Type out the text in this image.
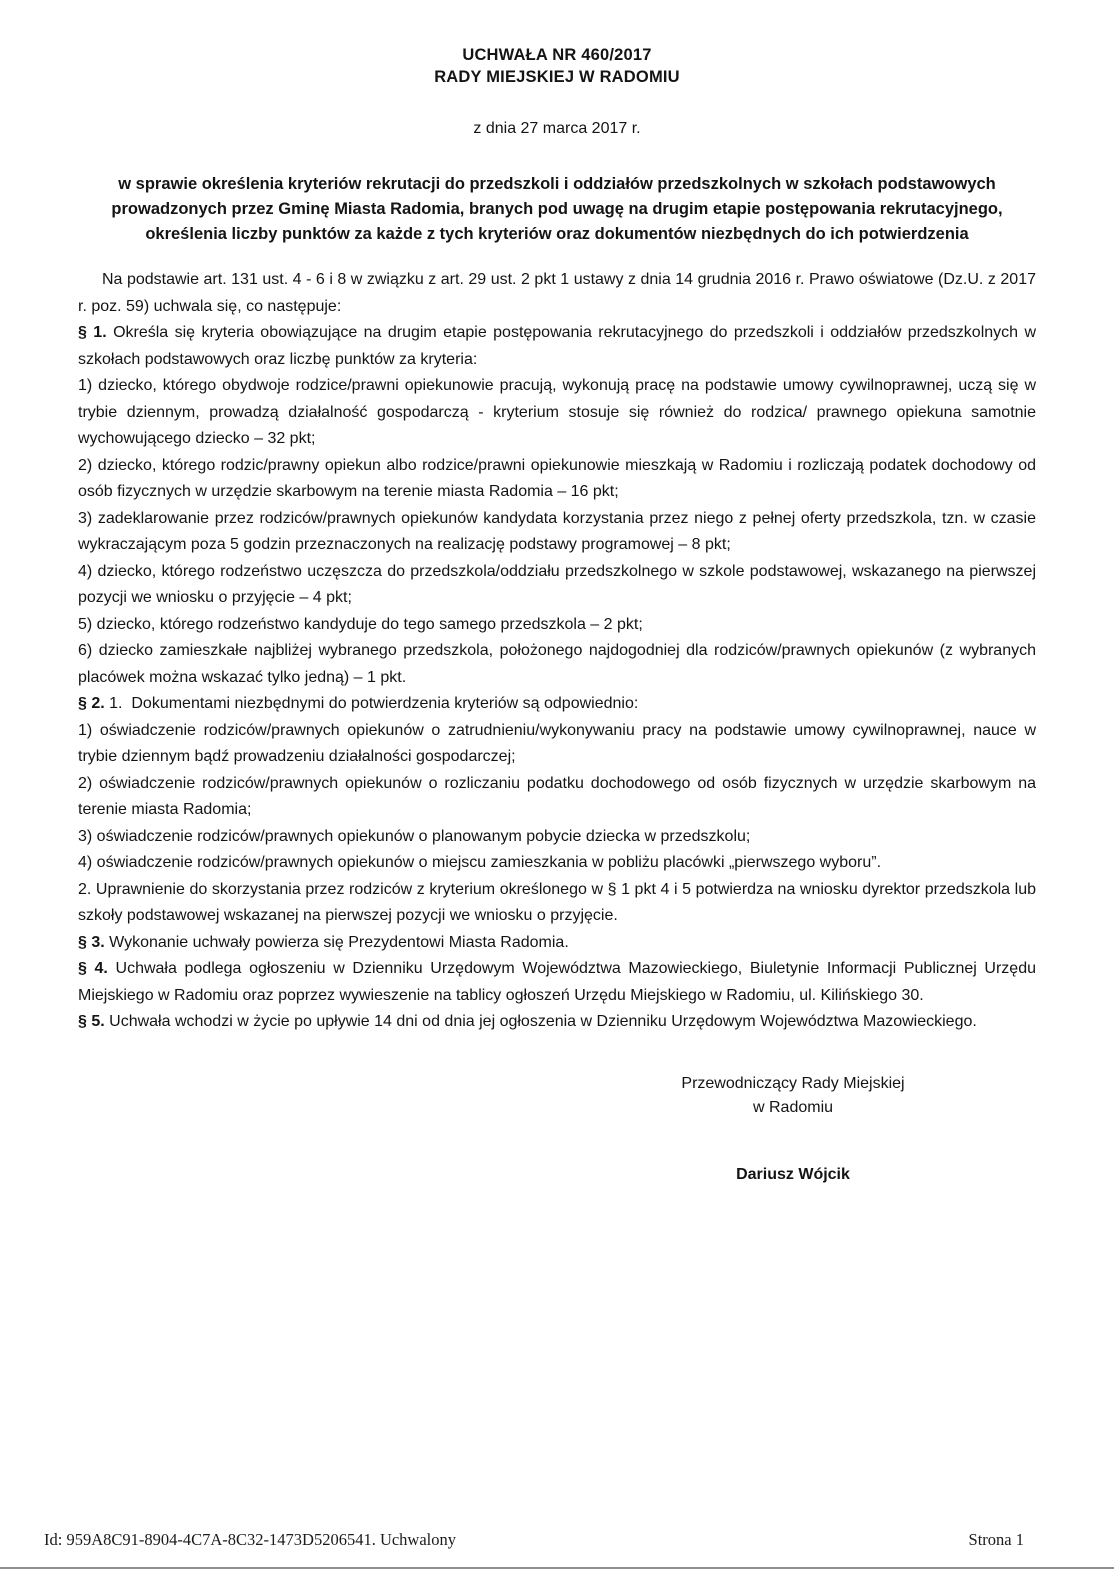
UCHWAŁA NR 460/2017
RADY MIEJSKIEJ W RADOMIU
z dnia 27 marca 2017 r.
w sprawie określenia kryteriów rekrutacji do przedszkoli i oddziałów przedszkolnych w szkołach podstawowych prowadzonych przez Gminę Miasta Radomia, branych pod uwagę na drugim etapie postępowania rekrutacyjnego, określenia liczby punktów za każde z tych kryteriów oraz dokumentów niezbędnych do ich potwierdzenia

Na podstawie art. 131 ust. 4 - 6 i 8 w związku z art. 29 ust. 2 pkt 1 ustawy z dnia 14 grudnia 2016 r. Prawo oświatowe (Dz.U. z 2017 r. poz. 59) uchwala się, co następuje:

§ 1. Określa się kryteria obowiązujące na drugim etapie postępowania rekrutacyjnego do przedszkoli i oddziałów przedszkolnych w szkołach podstawowych oraz liczbę punktów za kryteria:

1) dziecko, którego obydwoje rodzice/prawni opiekunowie pracują, wykonują pracę na podstawie umowy cywilnoprawnej, uczą się w trybie dziennym, prowadzą działalność gospodarczą - kryterium stosuje się również do rodzica/ prawnego opiekuna samotnie wychowującego dziecko – 32 pkt;

2) dziecko, którego rodzic/prawny opiekun albo rodzice/prawni opiekunowie mieszkają w Radomiu i rozliczają podatek dochodowy od osób fizycznych w urzędzie skarbowym na terenie miasta Radomia – 16 pkt;

3) zadeklarowanie przez rodziców/prawnych opiekunów kandydata korzystania przez niego z pełnej oferty przedszkola, tzn. w czasie wykraczającym poza 5 godzin przeznaczonych na realizację podstawy programowej – 8 pkt;

4) dziecko, którego rodzeństwo uczęszcza do przedszkola/oddziału przedszkolnego w szkole podstawowej, wskazanego na pierwszej pozycji we wniosku o przyjęcie – 4 pkt;

5) dziecko, którego rodzeństwo kandyduje do tego samego przedszkola – 2 pkt;

6) dziecko zamieszkałe najbliżej wybranego przedszkola, położonego najdogodniej dla rodziców/prawnych opiekunów (z wybranych placówek można wskazać tylko jedną) – 1 pkt.

§ 2. 1. Dokumentami niezbędnymi do potwierdzenia kryteriów są odpowiednio:

1) oświadczenie rodziców/prawnych opiekunów o zatrudnieniu/wykonywaniu pracy na podstawie umowy cywilnoprawnej, nauce w trybie dziennym bądź prowadzeniu działalności gospodarczej;

2) oświadczenie rodziców/prawnych opiekunów o rozliczaniu podatku dochodowego od osób fizycznych w urzędzie skarbowym na terenie miasta Radomia;

3) oświadczenie rodziców/prawnych opiekunów o planowanym pobycie dziecka w przedszkolu;

4) oświadczenie rodziców/prawnych opiekunów o miejscu zamieszkania w pobliżu placówki „pierwszego wyboru”.

2. Uprawnienie do skorzystania przez rodziców z kryterium określonego w § 1 pkt 4 i 5 potwierdza na wniosku dyrektor przedszkola lub szkoły podstawowej wskazanej na pierwszej pozycji we wniosku o przyjęcie.

§ 3. Wykonanie uchwały powierza się Prezydentowi Miasta Radomia.

§ 4. Uchwała podlega ogłoszeniu w Dzienniku Urzędowym Województwa Mazowieckiego, Biuletynie Informacji Publicznej Urzędu Miejskiego w Radomiu oraz poprzez wywieszenie na tablicy ogłoszeń Urzędu Miejskiego w Radomiu, ul. Kilińskiego 30.

§ 5. Uchwała wchodzi w życie po upływie 14 dni od dnia jej ogłoszenia w Dzienniku Urzędowym Województwa Mazowieckiego.

Przewodniczący Rady Miejskiej
w Radomiu
Dariusz Wójcik
Id: 959A8C91-8904-4C7A-8C32-1473D5206541. Uchwalony	Strona 1
